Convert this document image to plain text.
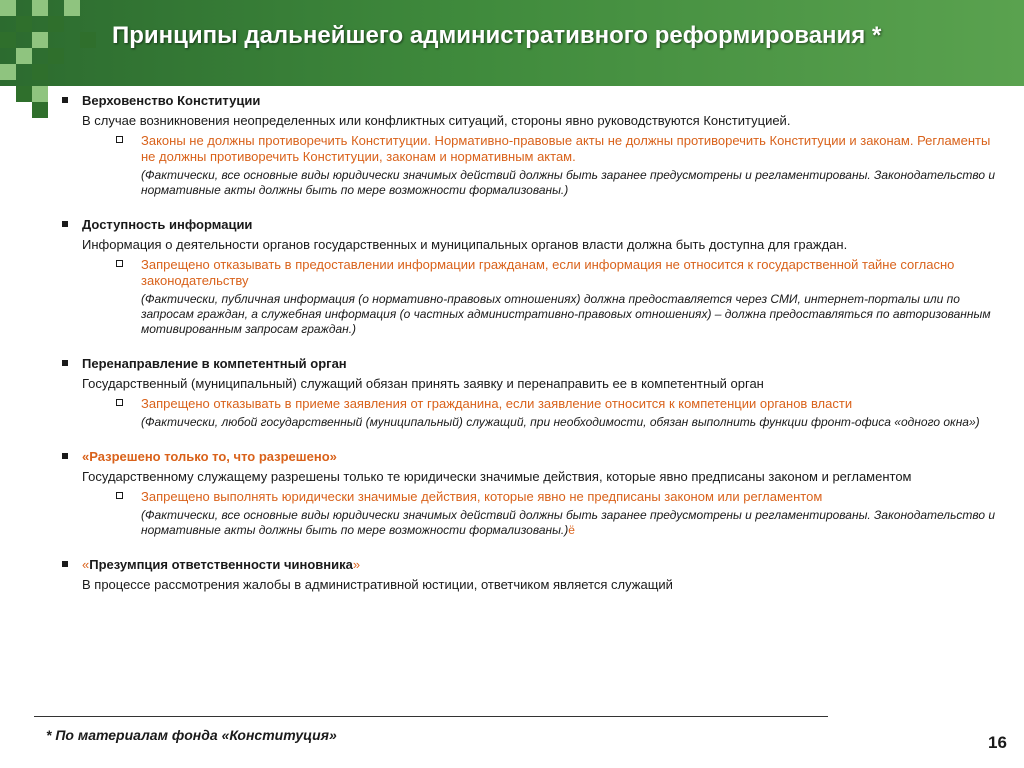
Принципы дальнейшего административного реформирования *
Верховенство Конституции
В случае возникновения неопределенных или конфликтных ситуаций, стороны явно руководствуются Конституцией.
Законы не должны противоречить Конституции. Нормативно-правовые акты не должны противоречить Конституции и законам. Регламенты не должны противоречить Конституции, законам и нормативным актам.
(Фактически, все основные виды юридически значимых действий должны быть заранее предусмотрены и регламентированы. Законодательство и нормативные акты должны быть по мере возможности формализованы.)
Доступность информации
Информация о деятельности органов государственных и муниципальных органов власти должна быть доступна для граждан.
Запрещено отказывать в предоставлении информации гражданам, если информация не относится к государственной тайне согласно законодательству
(Фактически, публичная информация (о нормативно-правовых отношениях) должна предоставляется через СМИ, интернет-порталы или по запросам граждан, а служебная информация (о частных административно-правовых отношениях) – должна предоставляться по авторизованным мотивированным запросам граждан.)
Перенаправление в компетентный орган
Государственный (муниципальный) служащий обязан принять заявку и перенаправить ее в компетентный орган
Запрещено отказывать в приеме заявления от гражданина, если заявление относится к компетенции органов власти
(Фактически, любой государственный (муниципальный) служащий, при необходимости, обязан выполнить функции фронт-офиса «одного окна»)
«Разрешено только то, что разрешено»
Государственному служащему разрешены только те юридически значимые действия, которые явно предписаны законом и регламентом
Запрещено выполнять юридически значимые действия, которые явно не предписаны законом или регламентом
(Фактически, все основные виды юридически значимых действий должны быть заранее предусмотрены и регламентированы. Законодательство и нормативные акты должны быть по мере возможности формализованы.)ё
«Презумпция ответственности чиновника»
В процессе рассмотрения жалобы в административной юстиции, ответчиком является служащий
* По материалам фонда «Конституция»	16
